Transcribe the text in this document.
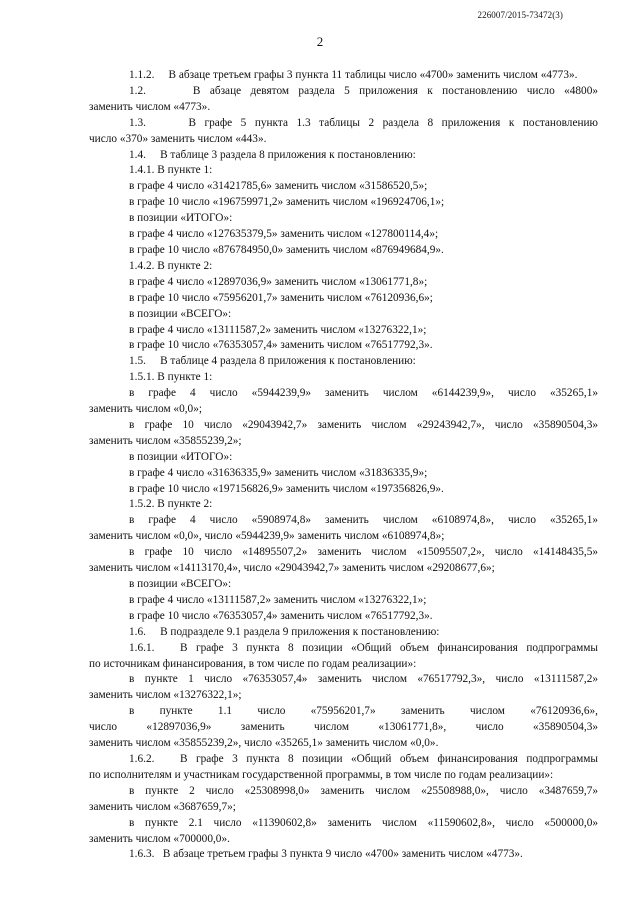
226007/2015-73472(3)
2
1.1.2.     В абзаце третьем графы 3 пункта 11 таблицы число «4700» заменить числом «4773».
1.2.     В абзаце девятом раздела 5 приложения к постановлению число «4800»
заменить числом «4773».
1.3.     В графе 5 пункта 1.3 таблицы 2 раздела 8 приложения к постановлению
число «370» заменить числом «443».
1.4.     В таблице 3 раздела 8 приложения к постановлению:
1.4.1. В пункте 1:
в графе 4 число «31421785,6» заменить числом «31586520,5»;
в графе 10 число «196759971,2» заменить числом «196924706,1»;
в позиции «ИТОГО»:
в графе 4 число «127635379,5» заменить числом «127800114,4»;
в графе 10 число «876784950,0» заменить числом «876949684,9».
1.4.2. В пункте 2:
в графе 4 число «12897036,9» заменить числом «13061771,8»;
в графе 10 число «75956201,7» заменить числом «76120936,6»;
в позиции «ВСЕГО»:
в графе 4 число «13111587,2» заменить числом «13276322,1»;
в графе 10 число «76353057,4» заменить числом «76517792,3».
1.5.     В таблице 4 раздела 8 приложения к постановлению:
1.5.1. В пункте 1:
в графе 4 число «5944239,9» заменить числом «6144239,9», число «35265,1»
заменить числом «0,0»;
в графе 10 число «29043942,7» заменить числом «29243942,7», число «35890504,3»
заменить числом «35855239,2»;
в позиции «ИТОГО»:
в графе 4 число «31636335,9» заменить числом «31836335,9»;
в графе 10 число «197156826,9» заменить числом «197356826,9».
1.5.2. В пункте 2:
в графе 4 число «5908974,8» заменить числом «6108974,8», число «35265,1»
заменить числом «0,0», число «5944239,9» заменить числом «6108974,8»;
в графе 10 число «14895507,2» заменить числом «15095507,2», число «14148435,5»
заменить числом «14113170,4», число «29043942,7» заменить числом «29208677,6»;
в позиции «ВСЕГО»:
в графе 4 число «13111587,2» заменить числом «13276322,1»;
в графе 10 число «76353057,4» заменить числом «76517792,3».
1.6.     В подразделе 9.1 раздела 9 приложения к постановлению:
1.6.1.   В графе 3 пункта 8 позиции «Общий объем финансирования подпрограммы
по источникам финансирования, в том числе по годам реализации»:
в пункте 1 число «76353057,4» заменить числом «76517792,3», число «13111587,2»
заменить числом «13276322,1»;
в пункте 1.1 число «75956201,7» заменить числом «76120936,6»,
число «12897036,9» заменить числом «13061771,8», число «35890504,3»
заменить числом «35855239,2», число «35265,1» заменить числом «0,0».
1.6.2.   В графе 3 пункта 8 позиции «Общий объем финансирования подпрограммы
по исполнителям и участникам государственной программы, в том числе по годам реализации»:
в пункте 2 число «25308998,0» заменить числом «25508988,0», число «3487659,7»
заменить числом «3687659,7»;
в пункте 2.1 число «11390602,8» заменить числом «11590602,8», число «500000,0»
заменить числом «700000,0».
1.6.3.   В абзаце третьем графы 3 пункта 9 число «4700» заменить числом «4773».
